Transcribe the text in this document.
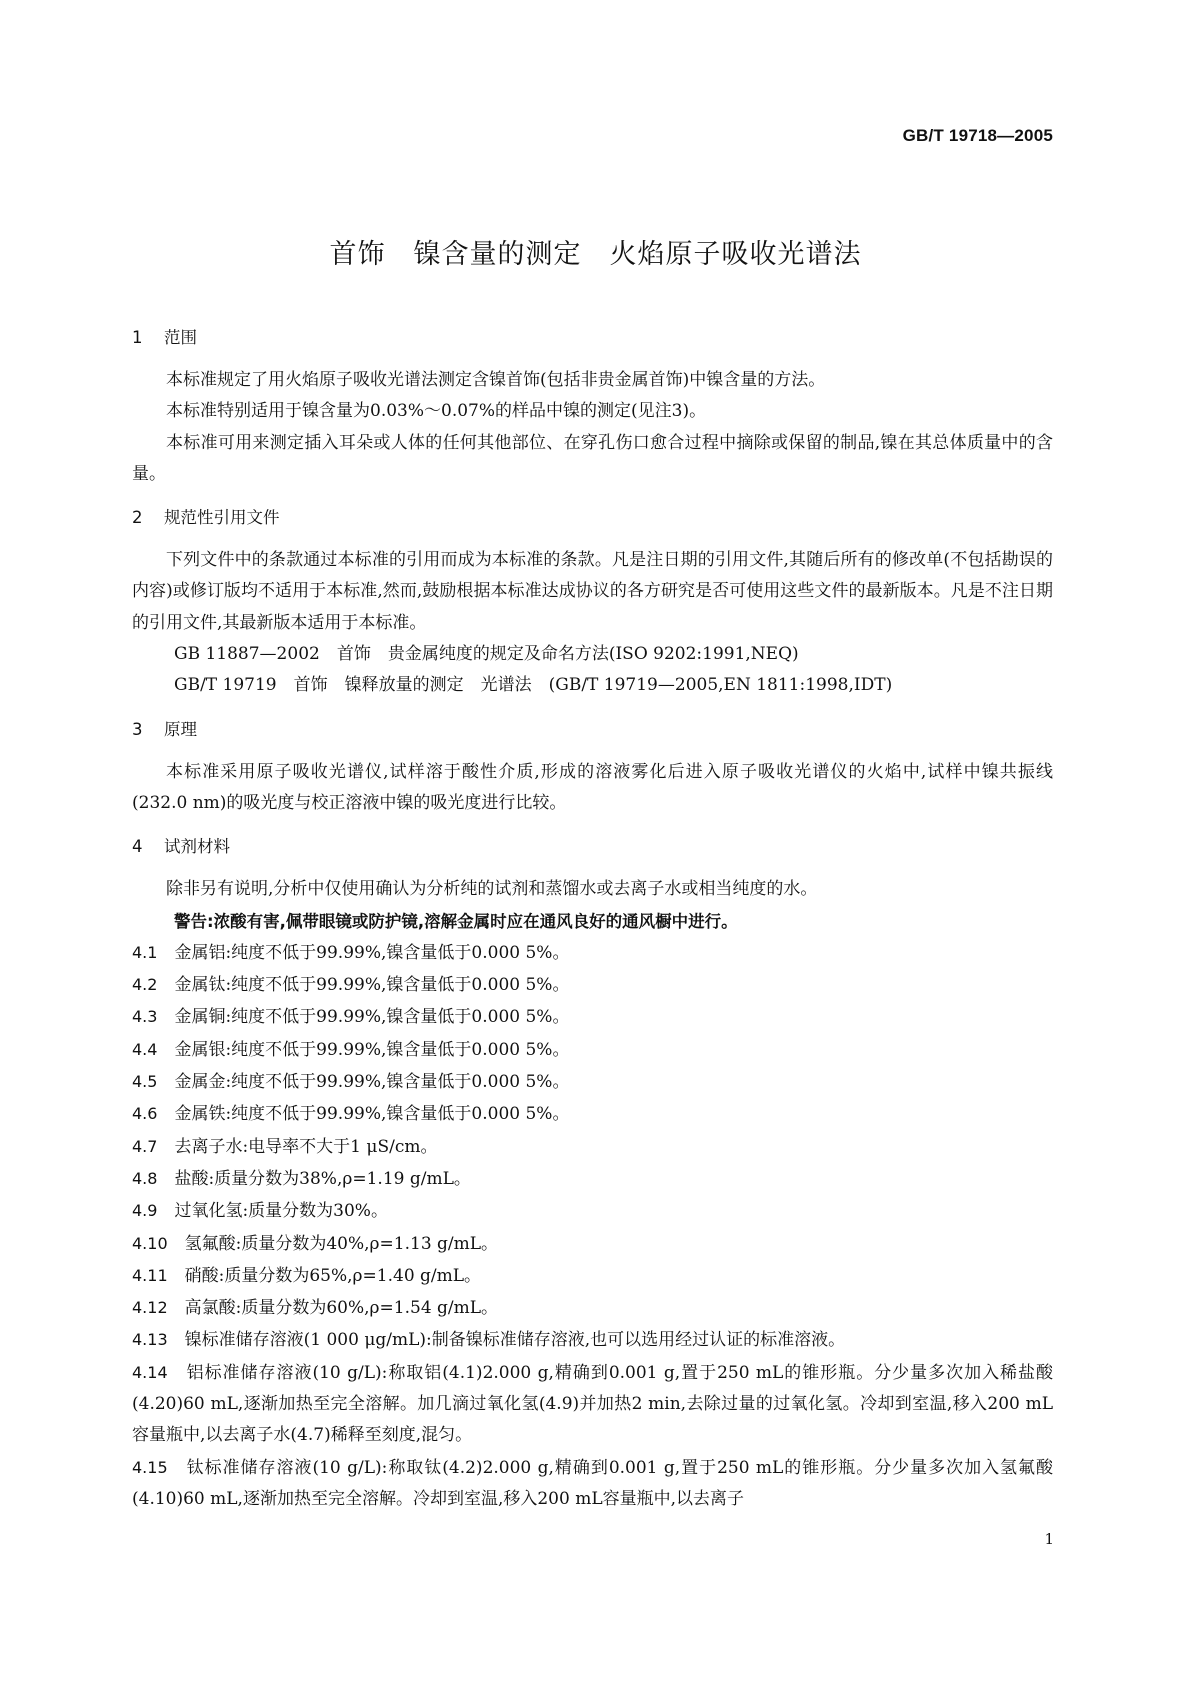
GB/T 19718—2005
首饰　镍含量的测定　火焰原子吸收光谱法
1 范围

本标准规定了用火焰原子吸收光谱法测定含镍首饰(包括非贵金属首饰)中镍含量的方法。

本标准特别适用于镍含量为0.03%～0.07%的样品中镍的测定(见注3)。

本标准可用来测定插入耳朵或人体的任何其他部位、在穿孔伤口愈合过程中摘除或保留的制品,镍在其总体质量中的含量。

2 规范性引用文件

下列文件中的条款通过本标准的引用而成为本标准的条款。凡是注日期的引用文件,其随后所有的修改单(不包括勘误的内容)或修订版均不适用于本标准,然而,鼓励根据本标准达成协议的各方研究是否可使用这些文件的最新版本。凡是不注日期的引用文件,其最新版本适用于本标准。

GB 11887—2002　首饰　贵金属纯度的规定及命名方法(ISO 9202:1991,NEQ)

GB/T 19719　首饰　镍释放量的测定　光谱法　(GB/T 19719—2005,EN 1811:1998,IDT)

3 原理

本标准采用原子吸收光谱仪,试样溶于酸性介质,形成的溶液雾化后进入原子吸收光谱仪的火焰中,试样中镍共振线(232.0 nm)的吸光度与校正溶液中镍的吸光度进行比较。

4 试剂材料

除非另有说明,分析中仅使用确认为分析纯的试剂和蒸馏水或去离子水或相当纯度的水。

警告:浓酸有害,佩带眼镜或防护镜,溶解金属时应在通风良好的通风橱中进行。

4.1　 金属铝:纯度不低于99.99%,镍含量低于0.000 5%。

4.2　 金属钛:纯度不低于99.99%,镍含量低于0.000 5%。

4.3　 金属铜:纯度不低于99.99%,镍含量低于0.000 5%。

4.4　 金属银:纯度不低于99.99%,镍含量低于0.000 5%。

4.5　 金属金:纯度不低于99.99%,镍含量低于0.000 5%。

4.6　 金属铁:纯度不低于99.99%,镍含量低于0.000 5%。

4.7　 去离子水:电导率不大于1 μS/cm。

4.8　 盐酸:质量分数为38%,ρ=1.19 g/mL。

4.9　 过氧化氢:质量分数为30%。

4.10　 氢氟酸:质量分数为40%,ρ=1.13 g/mL。

4.11　 硝酸:质量分数为65%,ρ=1.40 g/mL。

4.12　 高氯酸:质量分数为60%,ρ=1.54 g/mL。

4.13　 镍标准储存溶液(1 000 μg/mL):制备镍标准储存溶液,也可以选用经过认证的标准溶液。

4.14　 铝标准储存溶液(10 g/L):称取铝(4.1)2.000 g,精确到0.001 g,置于250 mL的锥形瓶。分少量多次加入稀盐酸(4.20)60 mL,逐渐加热至完全溶解。加几滴过氧化氢(4.9)并加热2 min,去除过量的过氧化氢。冷却到室温,移入200 mL容量瓶中,以去离子水(4.7)稀释至刻度,混匀。

4.15　 钛标准储存溶液(10 g/L):称取钛(4.2)2.000 g,精确到0.001 g,置于250 mL的锥形瓶。分少量多次加入氢氟酸(4.10)60 mL,逐渐加热至完全溶解。冷却到室温,移入200 mL容量瓶中,以去离子

1
